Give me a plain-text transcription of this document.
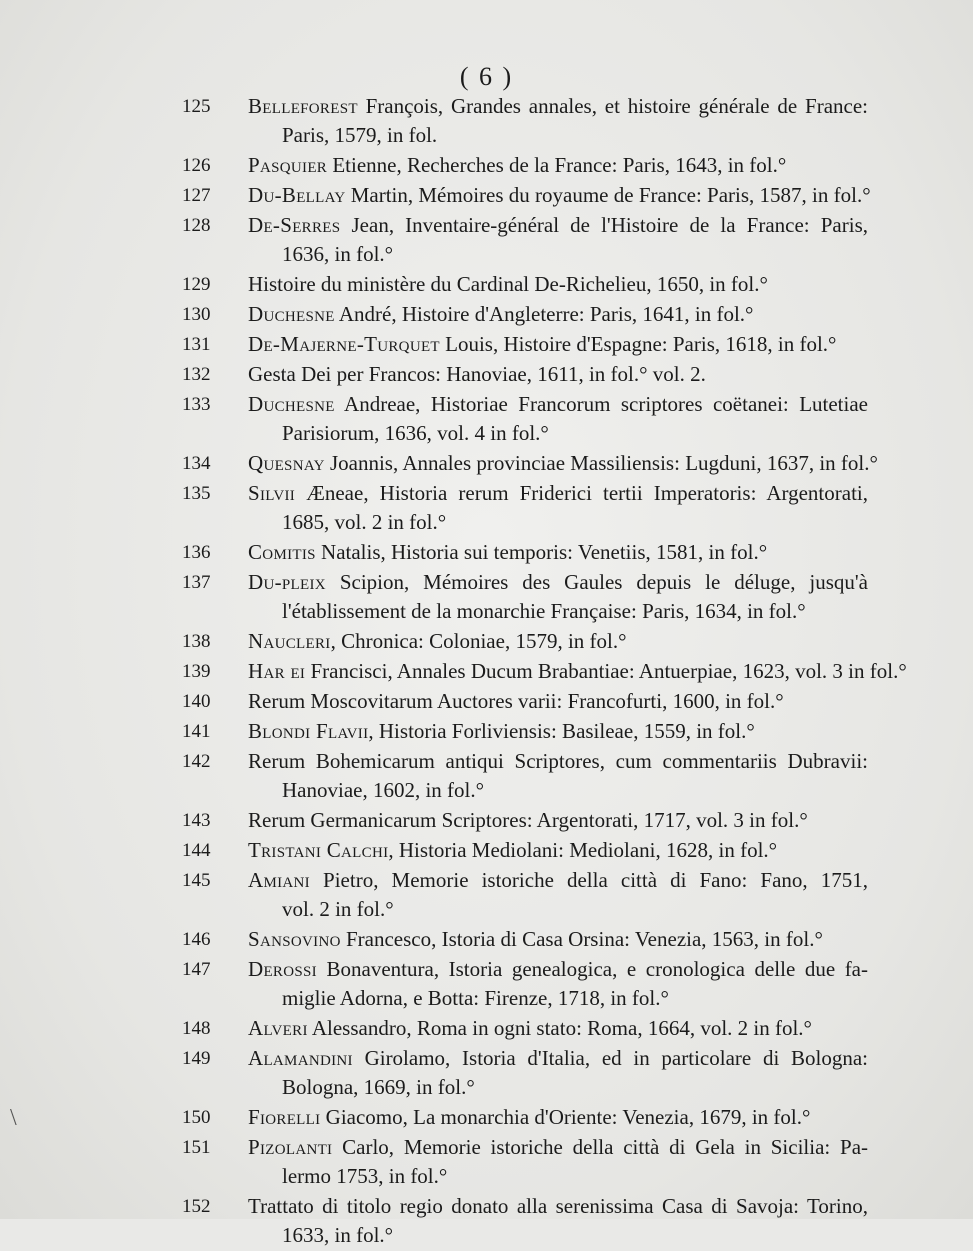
( 6 )
\
125	Belleforest François, Grandes annales, et histoire générale de France:
Paris, 1579, in fol.
126	Pasquier Etienne, Recherches de la France: Paris, 1643, in fol.°
127	Du-Bellay Martin, Mémoires du royaume de France: Paris, 1587, in fol.°
128	De-Serres Jean, Inventaire-général de l'Histoire de la France: Paris,
1636, in fol.°
129	Histoire du ministère du Cardinal De-Richelieu, 1650, in fol.°
130	Duchesne André, Histoire d'Angleterre: Paris, 1641, in fol.°
131	De-Majerne-Turquet Louis, Histoire d'Espagne: Paris, 1618, in fol.°
132	Gesta Dei per Francos: Hanoviae, 1611, in fol.° vol. 2.
133	Duchesne Andreae, Historiae Francorum scriptores coëtanei: Lutetiae
Parisiorum, 1636, vol. 4 in fol.°
134	Quesnay Joannis, Annales provinciae Massiliensis: Lugduni, 1637, in fol.°
135	Silvii Æneae, Historia rerum Friderici tertii Imperatoris: Argentorati,
1685, vol. 2 in fol.°
136	Comitis Natalis, Historia sui temporis: Venetiis, 1581, in fol.°
137	Du-pleix Scipion, Mémoires des Gaules depuis le déluge, jusqu'à
l'établissement de la monarchie Française: Paris, 1634, in fol.°
138	Naucleri, Chronica: Coloniae, 1579, in fol.°
139	Har ei Francisci, Annales Ducum Brabantiae: Antuerpiae, 1623, vol. 3 in fol.°
140	Rerum Moscovitarum Auctores varii: Francofurti, 1600, in fol.°
141	Blondi Flavii, Historia Forliviensis: Basileae, 1559, in fol.°
142	Rerum Bohemicarum antiqui Scriptores, cum commentariis Dubravii:
Hanoviae, 1602, in fol.°
143	Rerum Germanicarum Scriptores: Argentorati, 1717, vol. 3 in fol.°
144	Tristani Calchi, Historia Mediolani: Mediolani, 1628, in fol.°
145	Amiani Pietro, Memorie istoriche della città di Fano: Fano, 1751,
vol. 2 in fol.°
146	Sansovino Francesco, Istoria di Casa Orsina: Venezia, 1563, in fol.°
147	Derossi Bonaventura, Istoria genealogica, e cronologica delle due fa-
miglie Adorna, e Botta: Firenze, 1718, in fol.°
148	Alveri Alessandro, Roma in ogni stato: Roma, 1664, vol. 2 in fol.°
149	Alamandini Girolamo, Istoria d'Italia, ed in particolare di Bologna:
Bologna, 1669, in fol.°
150	Fiorelli Giacomo, La monarchia d'Oriente: Venezia, 1679, in fol.°
151	Pizolanti Carlo, Memorie istoriche della città di Gela in Sicilia: Pa-
lermo 1753, in fol.°
152	Trattato di titolo regio donato alla serenissima Casa di Savoja: Torino,
1633, in fol.°
